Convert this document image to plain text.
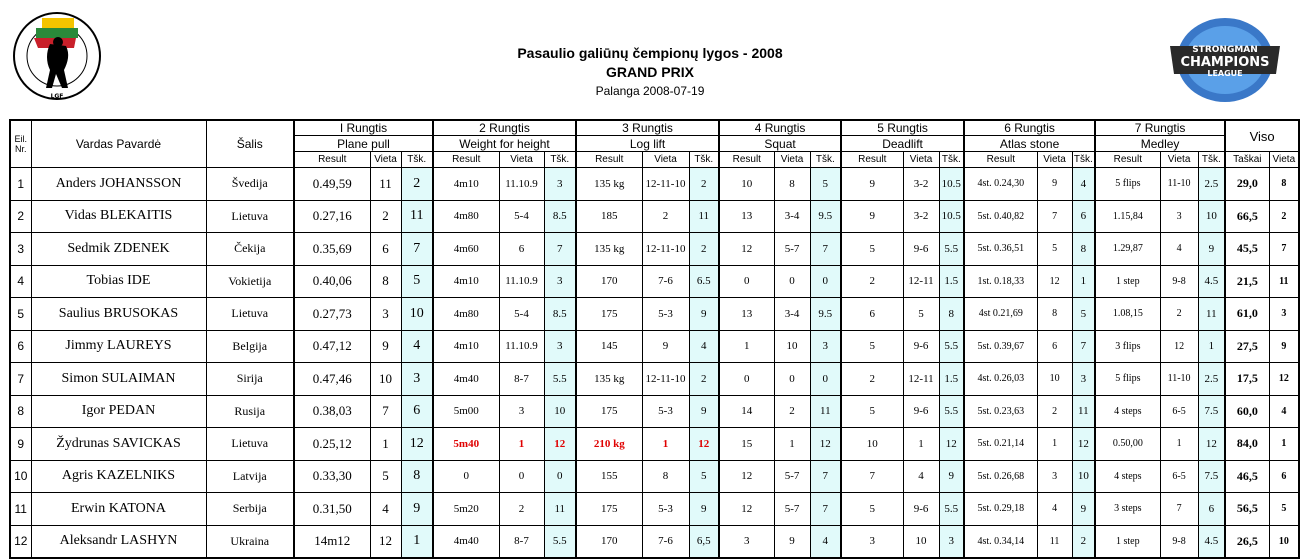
LGF
STRONGMAN
CHAMPIONS
LEAGUE
Pasaulio galiūnų čempionų lygos - 2008
GRAND PRIX
Palanga 2008-07-19
Eil.
Nr.	Vardas Pavardė	Šalis	I Rungtis			2 Rungtis			3 Rungtis			4 Rungtis			5 Rungtis			6 Rungtis			7 Rungtis			Viso	
			Plane pull			Weight for height			Log lift			Squat			Deadlift			Atlas stone			Medley				
			Result	Vieta	Tšk.	Result	Vieta	Tšk.	Result	Vieta	Tšk.	Result	Vieta	Tšk.	Result	Vieta	Tšk.	Result	Vieta	Tšk.	Result	Vieta	Tšk.	Taškai	Vieta
1	Anders JOHANSSON	Švedija	0.49,59	11	2	4m10	11.10.9	3	135 kg	12-11-10	2	10	8	5	9	3-2	10.5	4st. 0.24,30	9	4	5 flips	11-10	2.5	29,0	8
2	Vidas BLEKAITIS	Lietuva	0.27,16	2	11	4m80	5-4	8.5	185	2	11	13	3-4	9.5	9	3-2	10.5	5st. 0.40,82	7	6	1.15,84	3	10	66,5	2
3	Sedmik ZDENEK	Čekija	0.35,69	6	7	4m60	6	7	135 kg	12-11-10	2	12	5-7	7	5	9-6	5.5	5st. 0.36,51	5	8	1.29,87	4	9	45,5	7
4	Tobias IDE	Vokietija	0.40,06	8	5	4m10	11.10.9	3	170	7-6	6.5	0	0	0	2	12-11	1.5	1st. 0.18,33	12	1	1 step	9-8	4.5	21,5	11
5	Saulius BRUSOKAS	Lietuva	0.27,73	3	10	4m80	5-4	8.5	175	5-3	9	13	3-4	9.5	6	5	8	4st 0.21,69	8	5	1.08,15	2	11	61,0	3
6	Jimmy LAUREYS	Belgija	0.47,12	9	4	4m10	11.10.9	3	145	9	4	1	10	3	5	9-6	5.5	5st. 0.39,67	6	7	3 flips	12	1	27,5	9
7	Simon SULAIMAN	Sirija	0.47,46	10	3	4m40	8-7	5.5	135 kg	12-11-10	2	0	0	0	2	12-11	1.5	4st. 0.26,03	10	3	5 flips	11-10	2.5	17,5	12
8	Igor PEDAN	Rusija	0.38,03	7	6	5m00	3	10	175	5-3	9	14	2	11	5	9-6	5.5	5st. 0.23,63	2	11	4 steps	6-5	7.5	60,0	4
9	Žydrunas SAVICKAS	Lietuva	0.25,12	1	12	5m40	1	12	210 kg	1	12	15	1	12	10	1	12	5st. 0.21,14	1	12	0.50,00	1	12	84,0	1
10	Agris KAZELNIKS	Latvija	0.33,30	5	8	0	0	0	155	8	5	12	5-7	7	7	4	9	5st. 0.26,68	3	10	4 steps	6-5	7.5	46,5	6
11	Erwin KATONA	Serbija	0.31,50	4	9	5m20	2	11	175	5-3	9	12	5-7	7	5	9-6	5.5	5st. 0.29,18	4	9	3 steps	7	6	56,5	5
12	Aleksandr LASHYN	Ukraina	14m12	12	1	4m40	8-7	5.5	170	7-6	6,5	3	9	4	3	10	3	4st. 0.34,14	11	2	1 step	9-8	4.5	26,5	10
